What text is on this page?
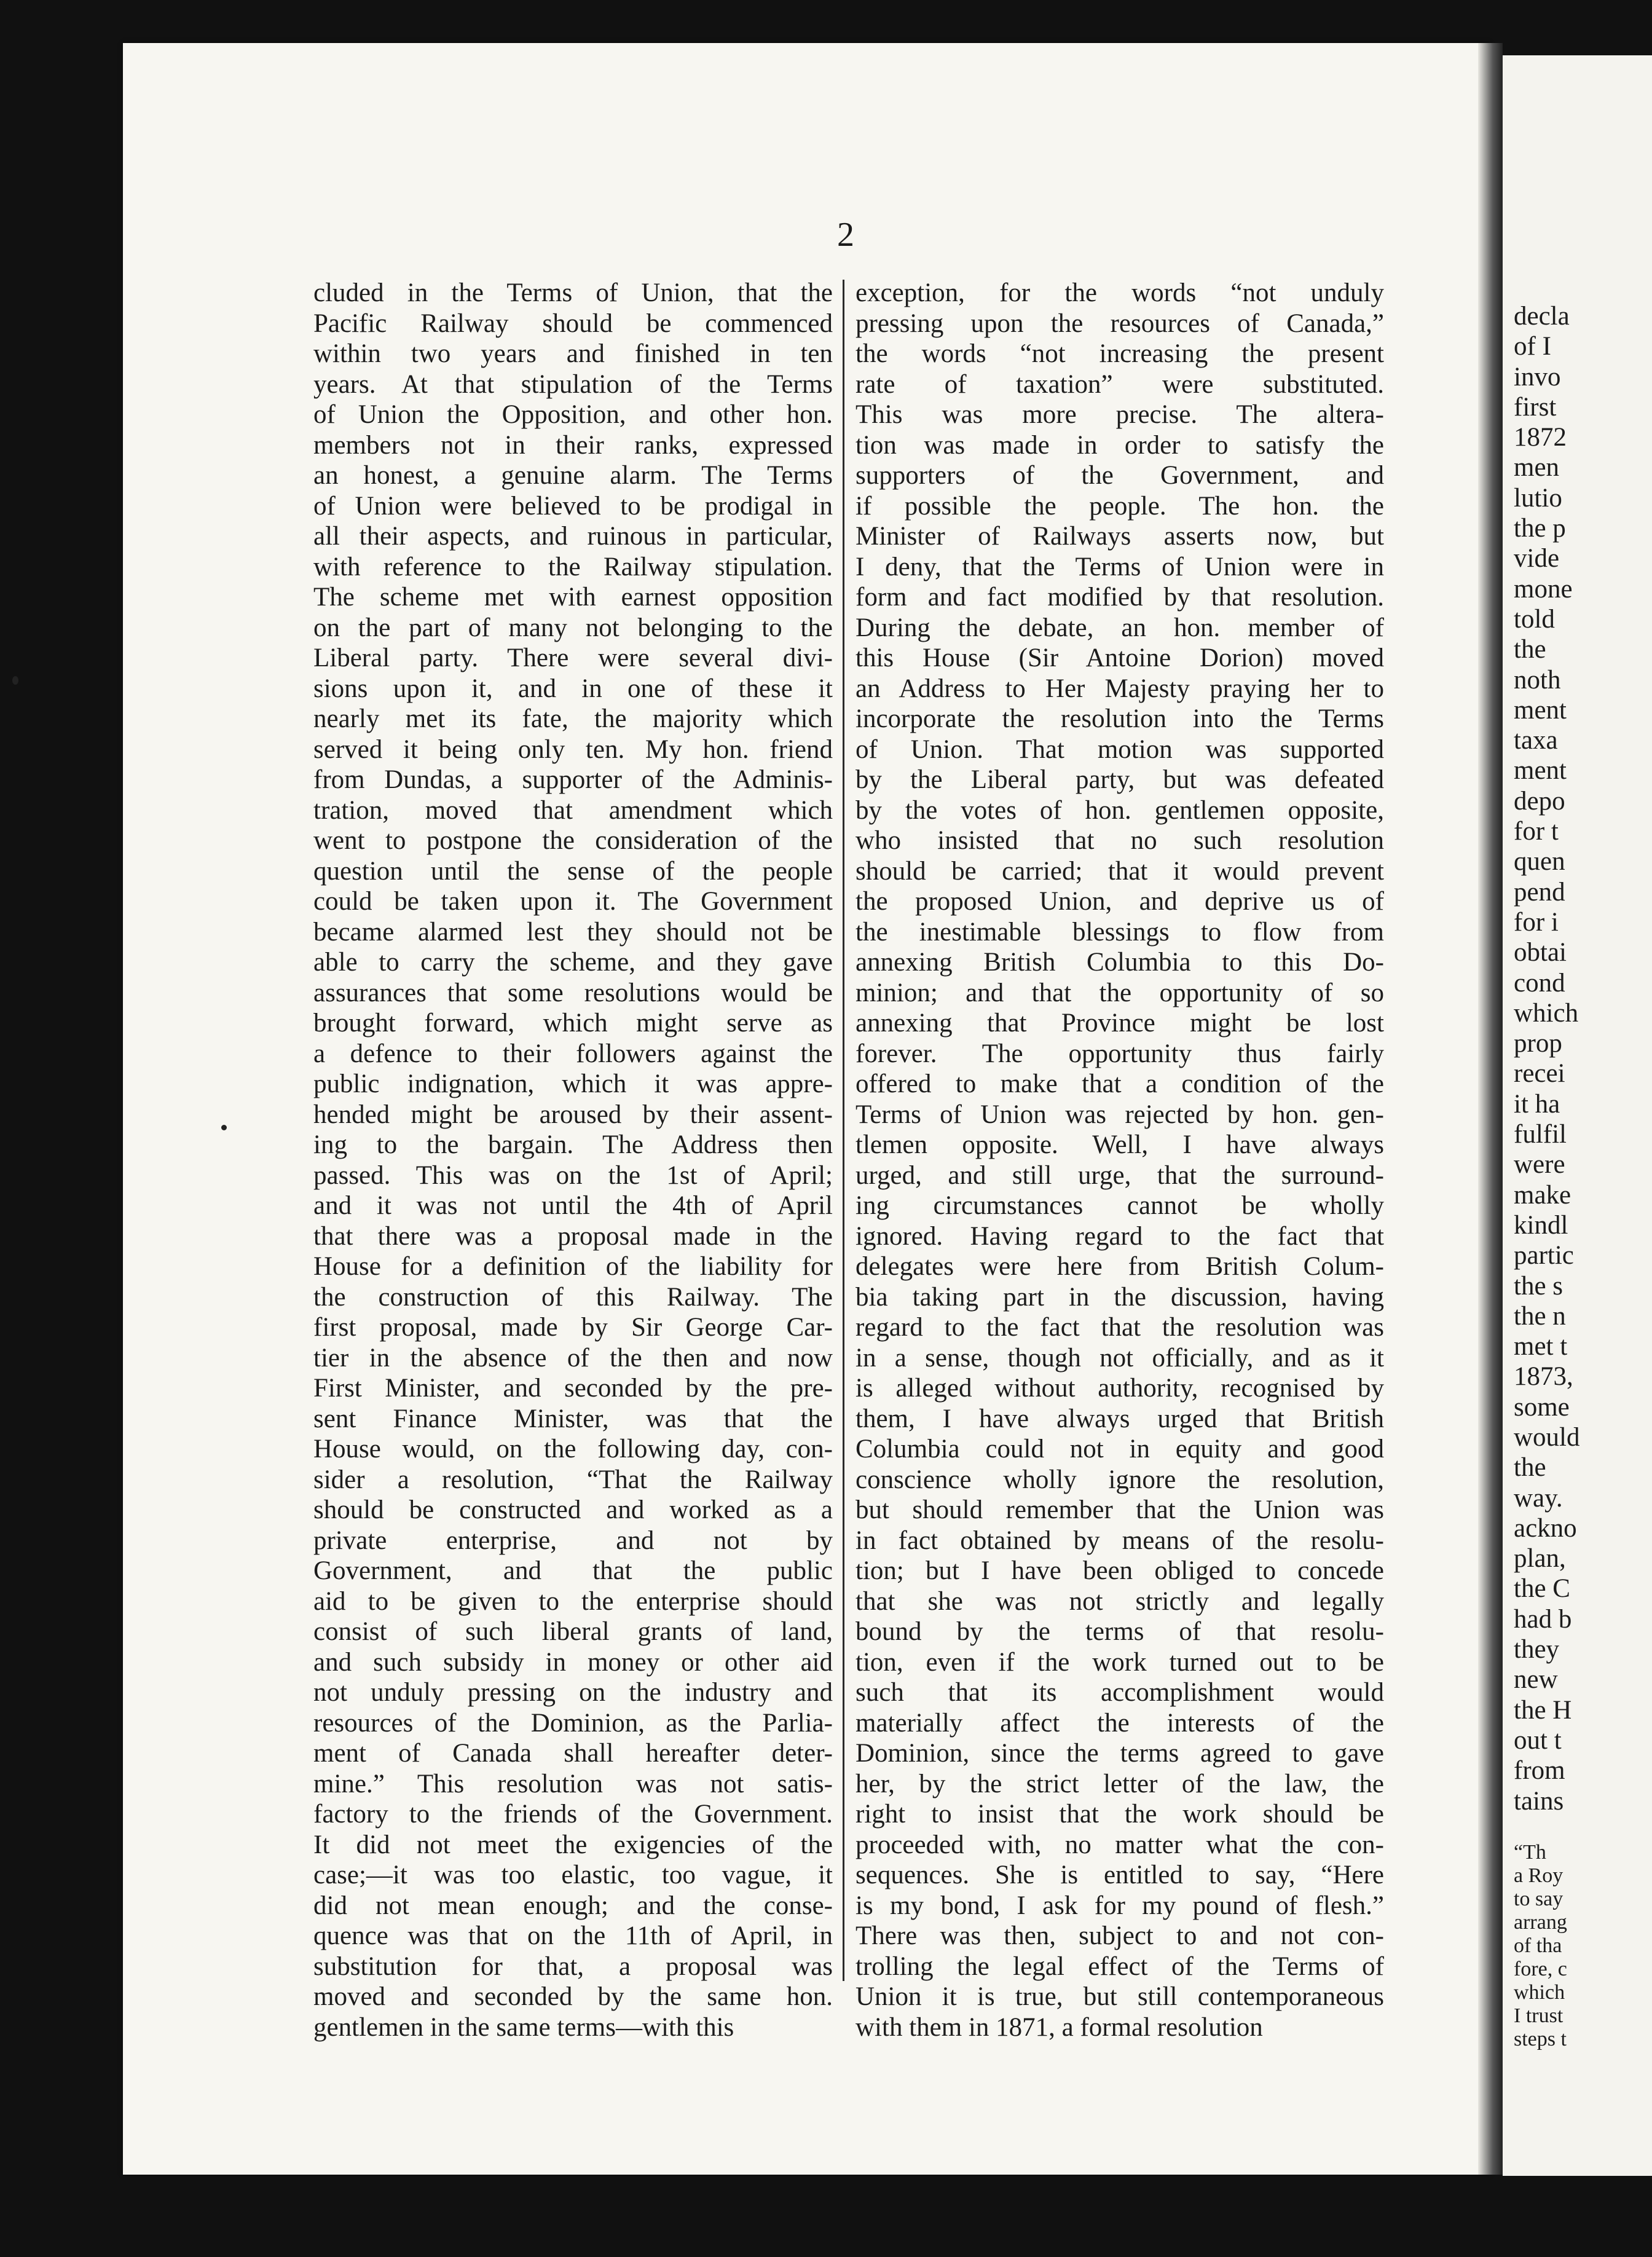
2
cluded in the Terms of Union, that the
Pacific Railway should be commenced
within two years and finished in ten
years. At that stipulation of the Terms
of Union the Opposition, and other hon.
members not in their ranks, expressed
an honest, a genuine alarm. The Terms
of Union were believed to be prodigal in
all their aspects, and ruinous in particular,
with reference to the Railway stipulation.
The scheme met with earnest opposition
on the part of many not belonging to the
Liberal party. There were several divi-
sions upon it, and in one of these it
nearly met its fate, the majority which
served it being only ten. My hon. friend
from Dundas, a supporter of the Adminis-
tration, moved that amendment which
went to postpone the consideration of the
question until the sense of the people
could be taken upon it. The Government
became alarmed lest they should not be
able to carry the scheme, and they gave
assurances that some resolutions would be
brought forward, which might serve as
a defence to their followers against the
public indignation, which it was appre-
hended might be aroused by their assent-
ing to the bargain. The Address then
passed. This was on the 1st of April;
and it was not until the 4th of April
that there was a proposal made in the
House for a definition of the liability for
the construction of this Railway. The
first proposal, made by Sir George Car-
tier in the absence of the then and now
First Minister, and seconded by the pre-
sent Finance Minister, was that the
House would, on the following day, con-
sider a resolution, “That the Railway
should be constructed and worked as a
private enterprise, and not by
Government, and that the public
aid to be given to the enterprise should
consist of such liberal grants of land,
and such subsidy in money or other aid
not unduly pressing on the industry and
resources of the Dominion, as the Parlia-
ment of Canada shall hereafter deter-
mine.” This resolution was not satis-
factory to the friends of the Government.
It did not meet the exigencies of the
case;—it was too elastic, too vague, it
did not mean enough; and the conse-
quence was that on the 11th of April, in
substitution for that, a proposal was
moved and seconded by the same hon.
gentlemen in the same terms—with this
exception, for the words “not unduly
pressing upon the resources of Canada,”
the words “not increasing the present
rate of taxation” were substituted.
This was more precise. The altera-
tion was made in order to satisfy the
supporters of the Government, and
if possible the people. The hon. the
Minister of Railways asserts now, but
I deny, that the Terms of Union were in
form and fact modified by that resolution.
During the debate, an hon. member of
this House (Sir Antoine Dorion) moved
an Address to Her Majesty praying her to
incorporate the resolution into the Terms
of Union. That motion was supported
by the Liberal party, but was defeated
by the votes of hon. gentlemen opposite,
who insisted that no such resolution
should be carried; that it would prevent
the proposed Union, and deprive us of
the inestimable blessings to flow from
annexing British Columbia to this Do-
minion; and that the opportunity of so
annexing that Province might be lost
forever. The opportunity thus fairly
offered to make that a condition of the
Terms of Union was rejected by hon. gen-
tlemen opposite. Well, I have always
urged, and still urge, that the surround-
ing circumstances cannot be wholly
ignored. Having regard to the fact that
delegates were here from British Colum-
bia taking part in the discussion, having
regard to the fact that the resolution was
in a sense, though not officially, and as it
is alleged without authority, recognised by
them, I have always urged that British
Columbia could not in equity and good
conscience wholly ignore the resolution,
but should remember that the Union was
in fact obtained by means of the resolu-
tion; but I have been obliged to concede
that she was not strictly and legally
bound by the terms of that resolu-
tion, even if the work turned out to be
such that its accomplishment would
materially affect the interests of the
Dominion, since the terms agreed to gave
her, by the strict letter of the law, the
right to insist that the work should be
proceeded with, no matter what the con-
sequences. She is entitled to say, “Here
is my bond, I ask for my pound of flesh.”
There was then, subject to and not con-
trolling the legal effect of the Terms of
Union it is true, but still contemporaneous
with them in 1871, a formal resolution
decla
of I
invo
first
1872
men
lutio
the p
vide
mone
told
the
noth
ment
taxa
ment
depo
for t
quen
pend
for i
obtai
cond
which
prop
recei
it ha
fulfil
were
make
kindl
partic
the s
the n
met t
1873,
some
would
the
way.
ackno
plan,
the C
had b
they
new
the H
out t
from
tains
“Th
a Roy
to say
arrang
of tha
fore, c
which
I trust
steps t
